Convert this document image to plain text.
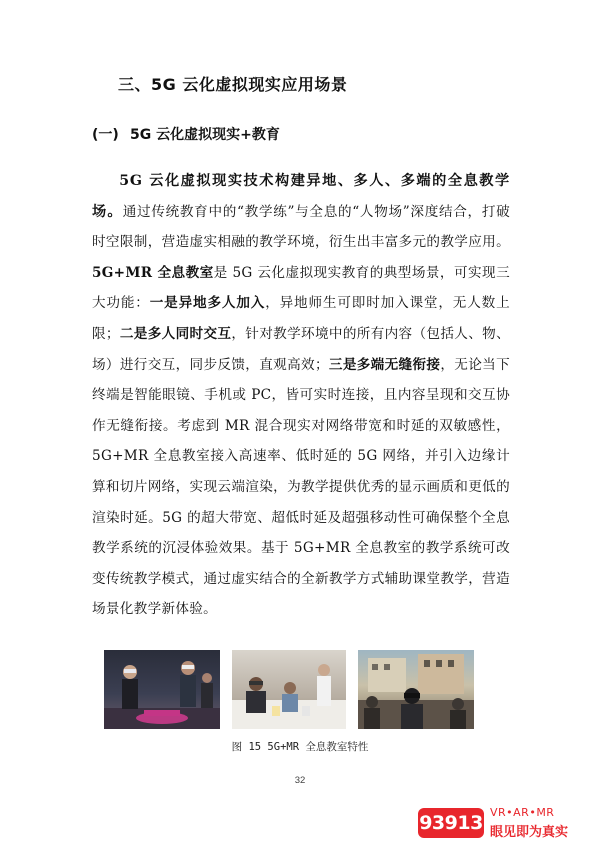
三、5G 云化虚拟现实应用场景
(一) 5G 云化虚拟现实+教育

5G 云化虚拟现实技术构建异地、多人、多端的全息教学场。通过传统教育中的“教学练”与全息的“人物场”深度结合，打破时空限制，营造虚实相融的教学环境，衍生出丰富多元的教学应用。5G+MR 全息教室是 5G 云化虚拟现实教育的典型场景，可实现三大功能：一是异地多人加入，异地师生可即时加入课堂，无人数上限；二是多人同时交互，针对教学环境中的所有内容（包括人、物、场）进行交互，同步反馈，直观高效；三是多端无缝衔接，无论当下终端是智能眼镜、手机或 PC，皆可实时连接，且内容呈现和交互协作无缝衔接。考虑到 MR 混合现实对网络带宽和时延的双敏感性，5G+MR 全息教室接入高速率、低时延的 5G 网络，并引入边缘计算和切片网络，实现云端渲染，为教学提供优秀的显示画质和更低的渲染时延。5G 的超大带宽、超低时延及超强移动性可确保整个全息教学系统的沉浸体验效果。基于 5G+MR 全息教室的教学系统可改变传统教学模式，通过虚实结合的全新教学方式辅助课堂教学，营造场景化教学新体验。

图 15 5G+MR 全息教室特性
32
93913 VR•AR•MR
眼见即为真实
